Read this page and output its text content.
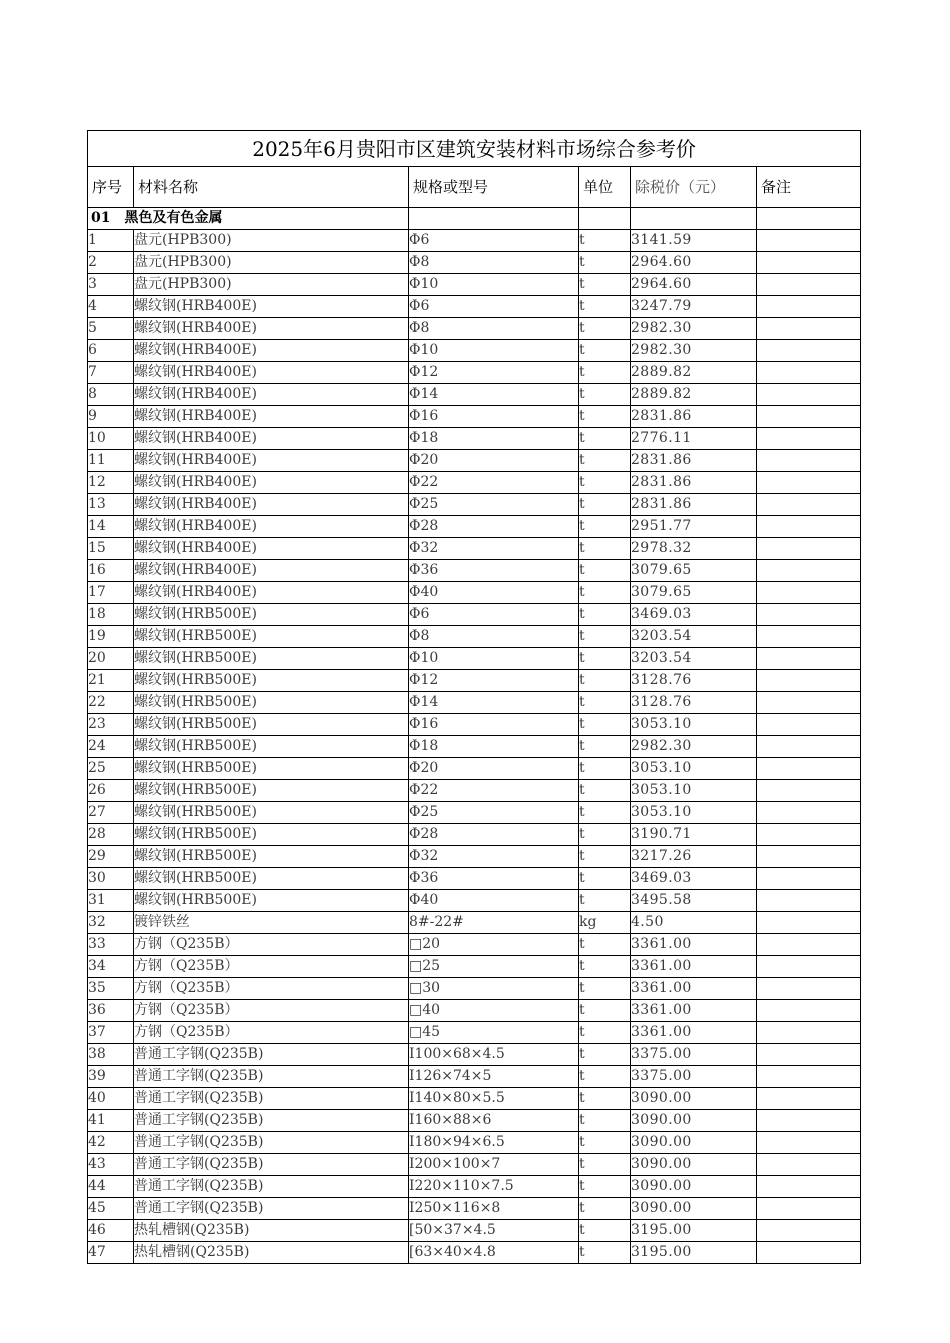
2025年6月贵阳市区建筑安装材料市场综合参考价					

序号	材料名称	规格或型号	单位	除税价（元）	备注
01 黑色及有色金属					
1	盘元(HPB300)	Φ6	t	3141.59	
2	盘元(HPB300)	Φ8	t	2964.60	
3	盘元(HPB300)	Φ10	t	2964.60	
4	螺纹钢(HRB400E)	Φ6	t	3247.79	
5	螺纹钢(HRB400E)	Φ8	t	2982.30	
6	螺纹钢(HRB400E)	Φ10	t	2982.30	
7	螺纹钢(HRB400E)	Φ12	t	2889.82	
8	螺纹钢(HRB400E)	Φ14	t	2889.82	
9	螺纹钢(HRB400E)	Φ16	t	2831.86	
10	螺纹钢(HRB400E)	Φ18	t	2776.11	
11	螺纹钢(HRB400E)	Φ20	t	2831.86	
12	螺纹钢(HRB400E)	Φ22	t	2831.86	
13	螺纹钢(HRB400E)	Φ25	t	2831.86	
14	螺纹钢(HRB400E)	Φ28	t	2951.77	
15	螺纹钢(HRB400E)	Φ32	t	2978.32	
16	螺纹钢(HRB400E)	Φ36	t	3079.65	
17	螺纹钢(HRB400E)	Φ40	t	3079.65	
18	螺纹钢(HRB500E)	Φ6	t	3469.03	
19	螺纹钢(HRB500E)	Φ8	t	3203.54	
20	螺纹钢(HRB500E)	Φ10	t	3203.54	
21	螺纹钢(HRB500E)	Φ12	t	3128.76	
22	螺纹钢(HRB500E)	Φ14	t	3128.76	
23	螺纹钢(HRB500E)	Φ16	t	3053.10	
24	螺纹钢(HRB500E)	Φ18	t	2982.30	
25	螺纹钢(HRB500E)	Φ20	t	3053.10	
26	螺纹钢(HRB500E)	Φ22	t	3053.10	
27	螺纹钢(HRB500E)	Φ25	t	3053.10	
28	螺纹钢(HRB500E)	Φ28	t	3190.71	
29	螺纹钢(HRB500E)	Φ32	t	3217.26	
30	螺纹钢(HRB500E)	Φ36	t	3469.03	
31	螺纹钢(HRB500E)	Φ40	t	3495.58	
32	镀锌铁丝	8#-22#	kg	4.50	
33	方钢（Q235B）	□20	t	3361.00	
34	方钢（Q235B）	□25	t	3361.00	
35	方钢（Q235B）	□30	t	3361.00	
36	方钢（Q235B）	□40	t	3361.00	
37	方钢（Q235B）	□45	t	3361.00	
38	普通工字钢(Q235B)	I100×68×4.5	t	3375.00	
39	普通工字钢(Q235B)	I126×74×5	t	3375.00	
40	普通工字钢(Q235B)	I140×80×5.5	t	3090.00	
41	普通工字钢(Q235B)	I160×88×6	t	3090.00	
42	普通工字钢(Q235B)	I180×94×6.5	t	3090.00	
43	普通工字钢(Q235B)	I200×100×7	t	3090.00	
44	普通工字钢(Q235B)	I220×110×7.5	t	3090.00	
45	普通工字钢(Q235B)	I250×116×8	t	3090.00	
46	热轧槽钢(Q235B)	[50×37×4.5	t	3195.00	
47	热轧槽钢(Q235B)	[63×40×4.8	t	3195.00	
